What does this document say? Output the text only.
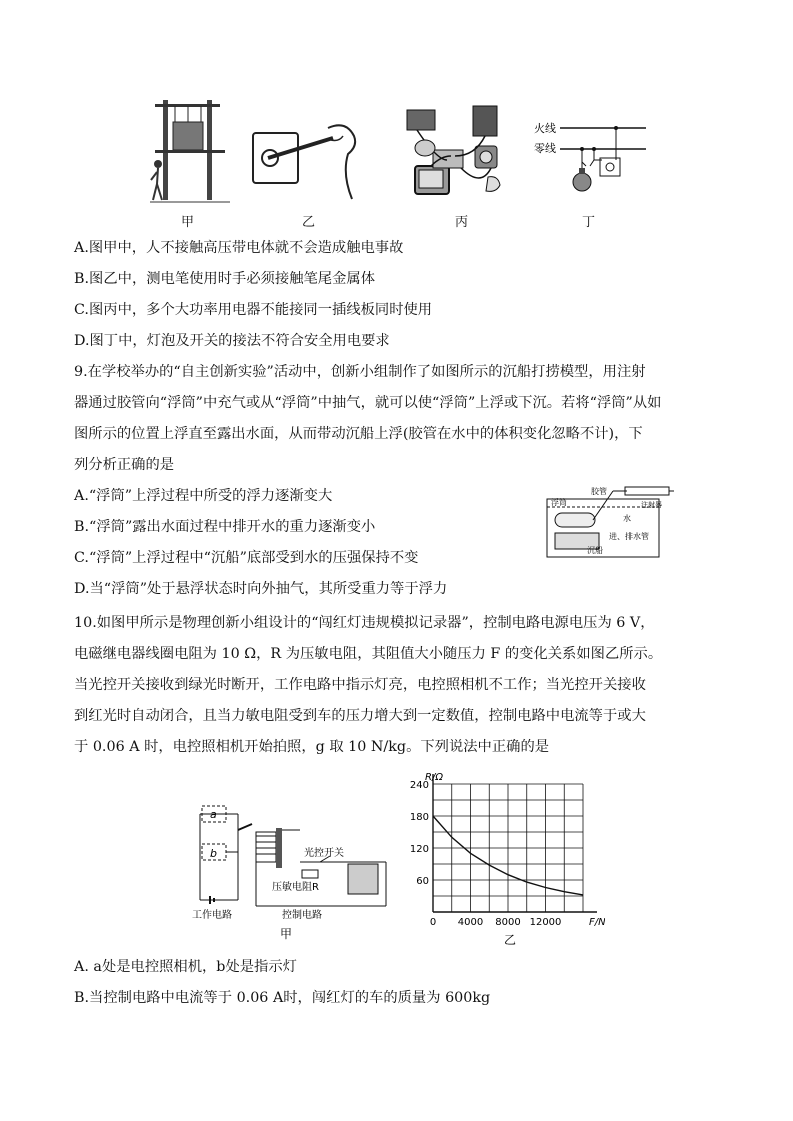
甲	乙	丙
火线
零线
丁
A.图甲中，人不接触高压带电体就不会造成触电事故
B.图乙中，测电笔使用时手必须接触笔尾金属体
C.图丙中，多个大功率用电器不能接同一插线板同时使用
D.图丁中，灯泡及开关的接法不符合安全用电要求
9.在学校举办的“自主创新实验”活动中，创新小组制作了如图所示的沉船打捞模型，用注射
器通过胶管向“浮筒”中充气或从“浮筒”中抽气，就可以使“浮筒”上浮或下沉。若将“浮筒”从如
图所示的位置上浮直至露出水面，从而带动沉船上浮(胶管在水中的体积变化忽略不计)，下
列分析正确的是
A.“浮筒”上浮过程中所受的浮力逐渐变大
B.“浮筒”露出水面过程中排开水的重力逐渐变小
C.“浮筒”上浮过程中“沉船”底部受到水的压强保持不变
D.当“浮筒”处于悬浮状态时向外抽气，其所受重力等于浮力
胶管
注射器
浮筒
水
进、排水管
沉船
10.如图甲所示是物理创新小组设计的“闯红灯违规模拟记录器”，控制电路电源电压为 6 V，
电磁继电器线圈电阻为 10 Ω，R 为压敏电阻，其阻值大小随压力 F 的变化关系如图乙所示。
当光控开关接收到绿光时断开，工作电路中指示灯亮，电控照相机不工作；当光控开关接收
到红光时自动闭合，且当力敏电阻受到车的压力增大到一定数值，控制电路中电流等于或大
于 0.06 A 时，电控照相机开始拍照，g 取 10 N/kg。下列说法中正确的是
a
b	光控开关
压敏电阻R
工作电路	控制电路
甲
60
120
180
240
0 4000 8000 12000
R/Ω
F/N
乙
A. a处是电控照相机，b处是指示灯
B.当控制电路中电流等于 0.06 A时，闯红灯的车的质量为 600kg
